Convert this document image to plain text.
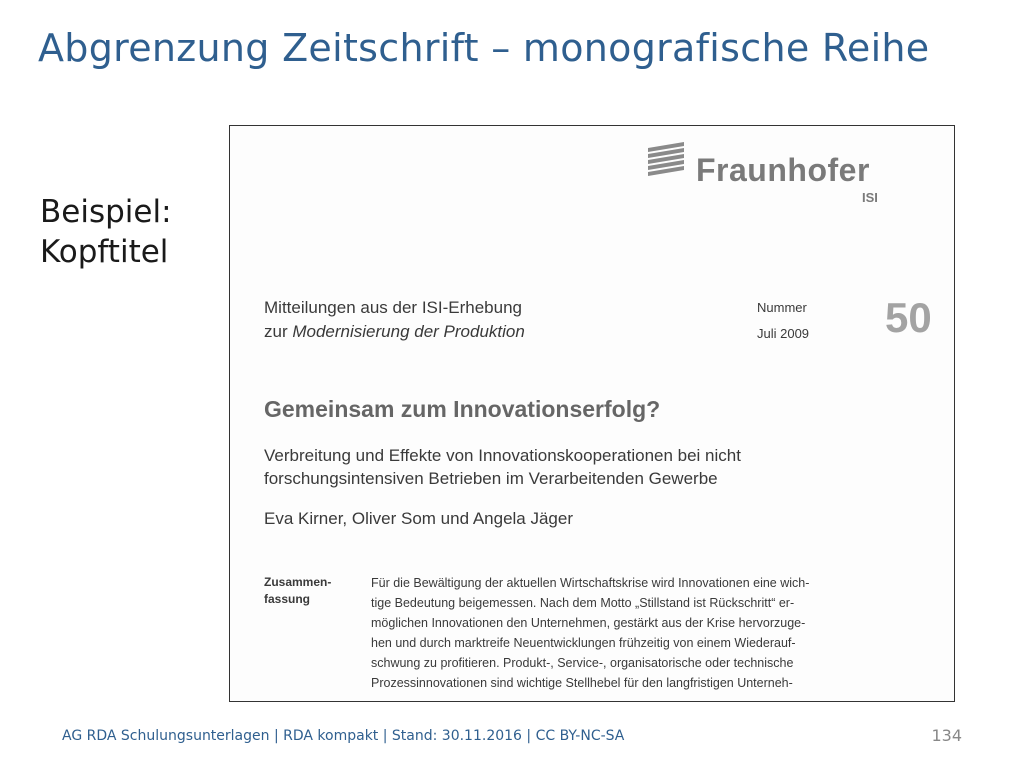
Abgrenzung Zeitschrift – monografische Reihe
Beispiel:
Kopftitel
Fraunhofer
ISI
Mitteilungen aus der ISI-Erhebung
zur Modernisierung der Produktion
Nummer
Juli 2009 50
Gemeinsam zum Innovationserfolg?
Verbreitung und Effekte von Innovationskooperationen bei nicht
forschungsintensiven Betrieben im Verarbeitenden Gewerbe
Eva Kirner, Oliver Som und Angela Jäger
Zusammen-
fassung
Für die Bewältigung der aktuellen Wirtschaftskrise wird Innovationen eine wich-
tige Bedeutung beigemessen. Nach dem Motto „Stillstand ist Rückschritt“ er-
möglichen Innovationen den Unternehmen, gestärkt aus der Krise hervorzuge-
hen und durch marktreife Neuentwicklungen frühzeitig von einem Wiederauf-
schwung zu profitieren. Produkt-, Service-, organisatorische oder technische
Prozessinnovationen sind wichtige Stellhebel für den langfristigen Unterneh-
AG RDA Schulungsunterlagen | RDA kompakt | Stand: 30.11.2016 | CC BY-NC-SA	134
